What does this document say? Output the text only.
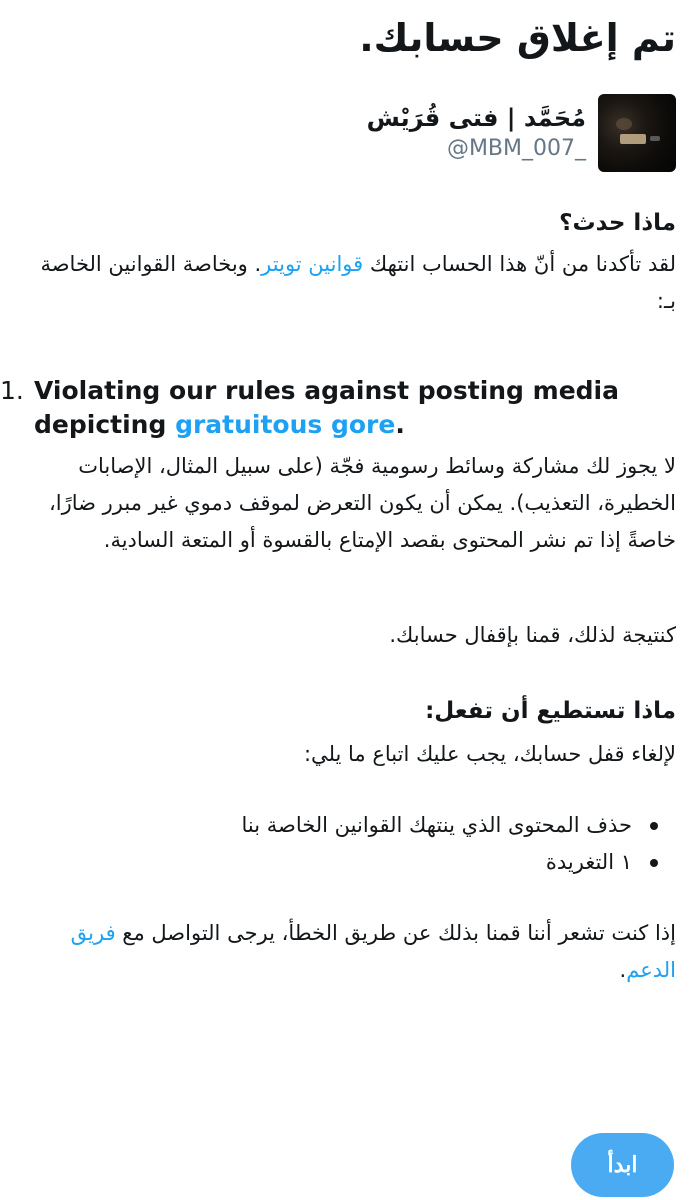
تم إغلاق حسابك.
مُحَمَّد | فتى قُرَيْش
@MBM_007_
ماذا حدث؟

لقد تأكدنا من أنّ هذا الحساب انتهك قوانين تويتر. وبخاصة القوانين الخاصة بـ:

1. Violating our rules against posting media depicting gratuitous gore.

لا يجوز لك مشاركة وسائط رسومية فجّة (على سبيل المثال، الإصابات الخطيرة، التعذيب). يمكن أن يكون التعرض لموقف دموي غير مبرر ضارًا، خاصةً إذا تم نشر المحتوى بقصد الإمتاع بالقسوة أو المتعة السادية.

كنتيجة لذلك، قمنا بإقفال حسابك.

ماذا تستطيع أن تفعل:

لإلغاء قفل حسابك، يجب عليك اتباع ما يلي:

حذف المحتوى الذي ينتهك القوانين الخاصة بنا
١ التغريدة

إذا كنت تشعر أننا قمنا بذلك عن طريق الخطأ، يرجى التواصل مع فريق الدعم.

ابدأ
